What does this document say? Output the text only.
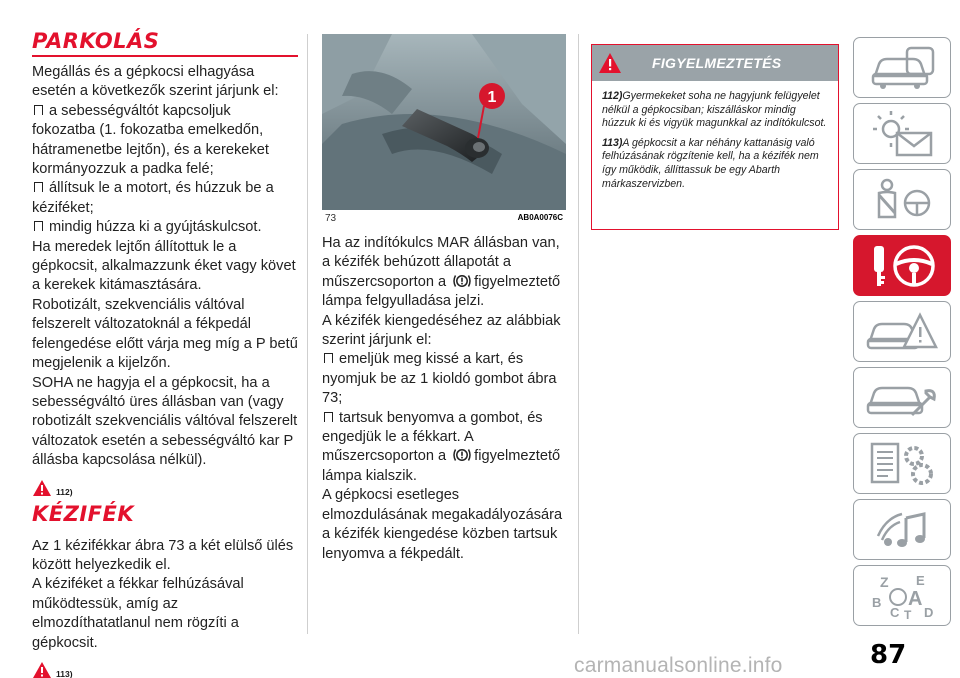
PARKOLÁS

Megállás és a gépkocsi elhagyása esetén a következők szerint járjunk el:

a sebességváltót kapcsoljuk fokozatba (1. fokozatba emelkedőn, hátramenetbe lejtőn), és a kerekeket kormányozzuk a padka felé;

állítsuk le a motort, és húzzuk be a kéziféket;

mindig húzza ki a gyújtáskulcsot.

Ha meredek lejtőn állítottuk le a gépkocsit, alkalmazzunk éket vagy követ a kerekek kitámasztására.

Robotizált, szekvenciális váltóval felszerelt változatoknál a fékpedál felengedése előtt várja meg míg a P betű megjelenik a kijelzőn.

SOHA ne hagyja el a gépkocsit, ha a sebességváltó üres állásban van (vagy robotizált szekvenciális váltóval felszerelt változatok esetén a sebességváltó kar P állásba kapcsolása nélkül).

112)
KÉZIFÉK

Az 1 kézifékkar ábra 73 a két elülső ülés között helyezkedik el.

A kéziféket a fékkar felhúzásával működtessük, amíg az elmozdíthatatlanul nem rögzíti a gépkocsit.

113)
1
73	AB0A0076C

Ha az indítókulcs MAR állásban van, a kézifék behúzott állapotát a műszercsoporton a figyelmeztető lámpa felgyulladása jelzi.

A kézifék kiengedéséhez az alábbiak szerint járjunk el:

emeljük meg kissé a kart, és nyomjuk be az 1 kioldó gombot ábra 73;

tartsuk benyomva a gombot, és engedjük le a fékkart. A műszercsoporton a figyelmeztető lámpa kialszik.

A gépkocsi esetleges elmozdulásának megakadályozására a kézifék kiengedése közben tartsuk lenyomva a fékpedált.

FIGYELMEZTETÉS

112)Gyermekeket soha ne hagyjunk felügyelet nélkül a gépkocsiban; kiszálláskor mindig húzzuk ki és vigyük magunkkal az indítókulcsot.

113)A gépkocsit a kar néhány kattanásig való felhúzásának rögzítenie kell, ha a kézifék nem így működik, állíttassuk be egy Abarth márkaszervizben.

Z E
B A
C T D
87
carmanualsonline.info
